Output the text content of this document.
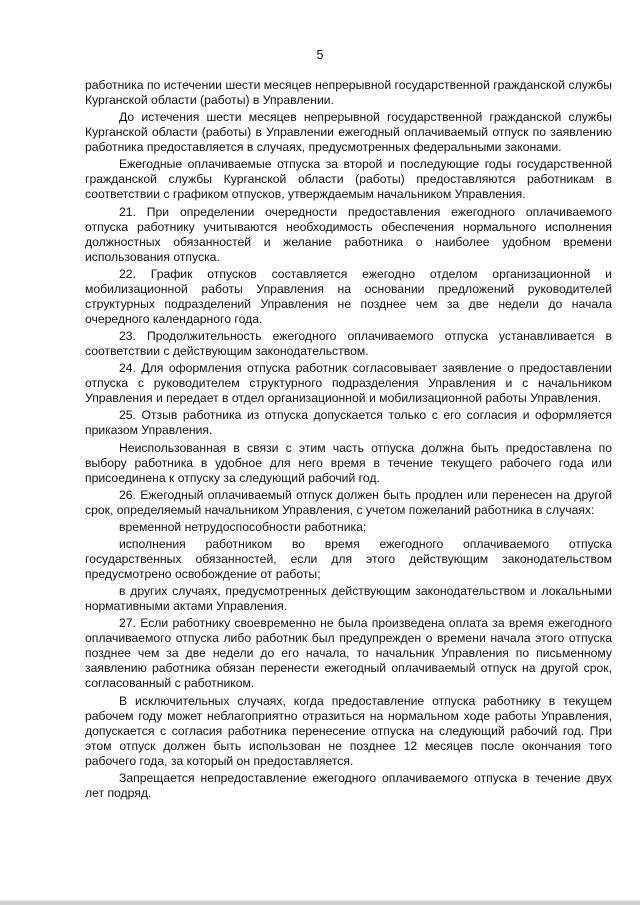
5

работника по истечении шести месяцев непрерывной государственной гражданской службы Курганской области (работы) в Управлении.

До истечения шести месяцев непрерывной государственной гражданской службы Курганской области (работы) в Управлении ежегодный оплачиваемый отпуск по заявлению работника предоставляется в случаях, предусмотренных федеральными законами.

Ежегодные оплачиваемые отпуска за второй и последующие годы государственной гражданской службы Курганской области (работы) предоставляются работникам в соответствии с графиком отпусков, утверждаемым начальником Управления.

21. При определении очередности предоставления ежегодного оплачиваемого отпуска работнику учитываются необходимость обеспечения нормального исполнения должностных обязанностей и желание работника о наиболее удобном времени использования отпуска.

22. График отпусков составляется ежегодно отделом организационной и мобилизационной работы Управления на основании предложений руководителей структурных подразделений Управления не позднее чем за две недели до начала очередного календарного года.

23. Продолжительность ежегодного оплачиваемого отпуска устанавливается в соответствии с действующим законодательством.

24. Для оформления отпуска работник согласовывает заявление о предоставлении отпуска с руководителем структурного подразделения Управления и с начальником Управления и передает в отдел организационной и мобилизационной работы Управления.

25. Отзыв работника из отпуска допускается только с его согласия и оформляется приказом Управления.

Неиспользованная в связи с этим часть отпуска должна быть предоставлена по выбору работника в удобное для него время в течение текущего рабочего года или присоединена к отпуску за следующий рабочий год.

26. Ежегодный оплачиваемый отпуск должен быть продлен или перенесен на другой срок, определяемый начальником Управления, с учетом пожеланий работника в случаях:

временной нетрудоспособности работника;

исполнения работником во время ежегодного оплачиваемого отпуска государственных обязанностей, если для этого действующим законодательством предусмотрено освобождение от работы;

в других случаях, предусмотренных действующим законодательством и локальными нормативными актами Управления.

27. Если работнику своевременно не была произведена оплата за время ежегодного оплачиваемого отпуска либо работник был предупрежден о времени начала этого отпуска позднее чем за две недели до его начала, то начальник Управления по письменному заявлению работника обязан перенести ежегодный оплачиваемый отпуск на другой срок, согласованный с работником.

В исключительных случаях, когда предоставление отпуска работнику в текущем рабочем году может неблагоприятно отразиться на нормальном ходе работы Управления, допускается с согласия работника перенесение отпуска на следующий рабочий год. При этом отпуск должен быть использован не позднее 12 месяцев после окончания того рабочего года, за который он предоставляется.

Запрещается непредоставление ежегодного оплачиваемого отпуска в течение двух лет подряд.
